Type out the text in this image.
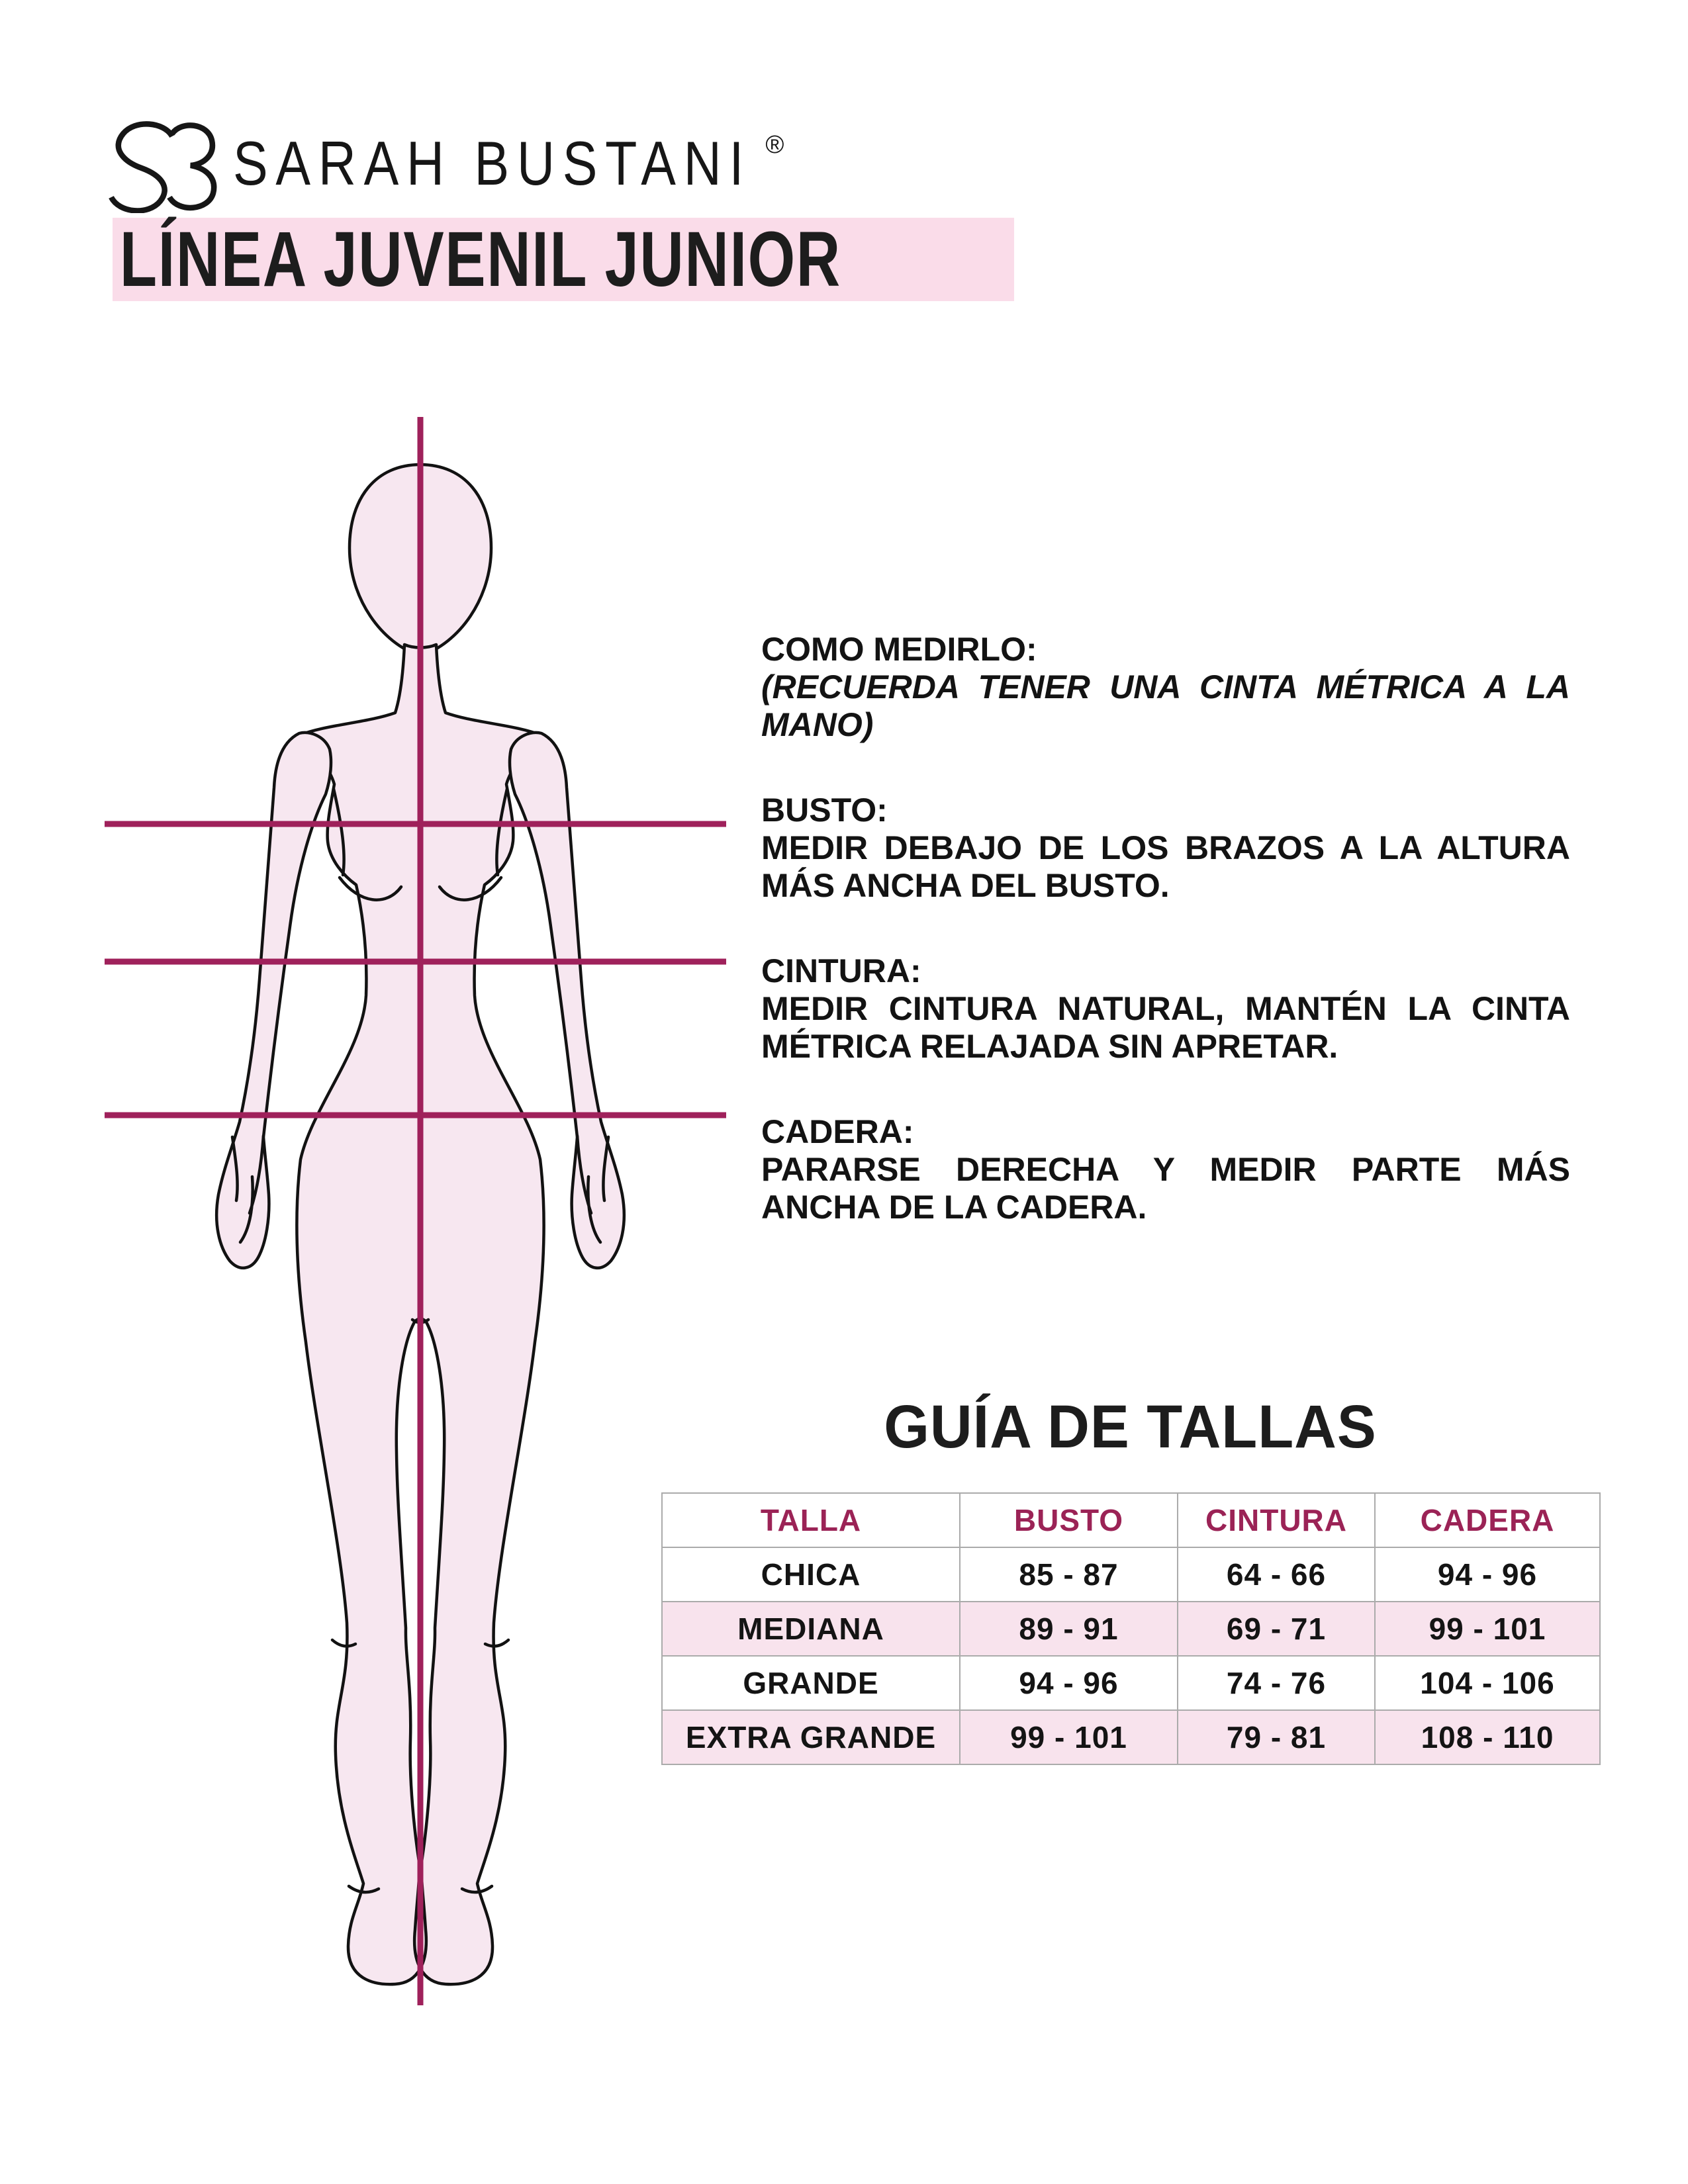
SARAH BUSTANI ®
LÍNEA JUVENIL JUNIOR
COMO MEDIRLO:
(RECUERDA TENER UNA CINTA MÉTRICA A LA
MANO)
BUSTO:
MEDIR DEBAJO DE LOS BRAZOS A LA ALTURA
MÁS ANCHA DEL BUSTO.
CINTURA:
MEDIR CINTURA NATURAL, MANTÉN LA CINTA
MÉTRICA RELAJADA SIN APRETAR.
CADERA:
PARARSE DERECHA Y MEDIR PARTE MÁS
ANCHA DE LA CADERA.
GUÍA DE TALLAS
TALLA	BUSTO	CINTURA	CADERA
CHICA	85 - 87	64 - 66	94 - 96
MEDIANA	89 - 91	69 - 71	99 - 101
GRANDE	94 - 96	74 - 76	104 - 106
EXTRA GRANDE	99 - 101	79 - 81	108 - 110
